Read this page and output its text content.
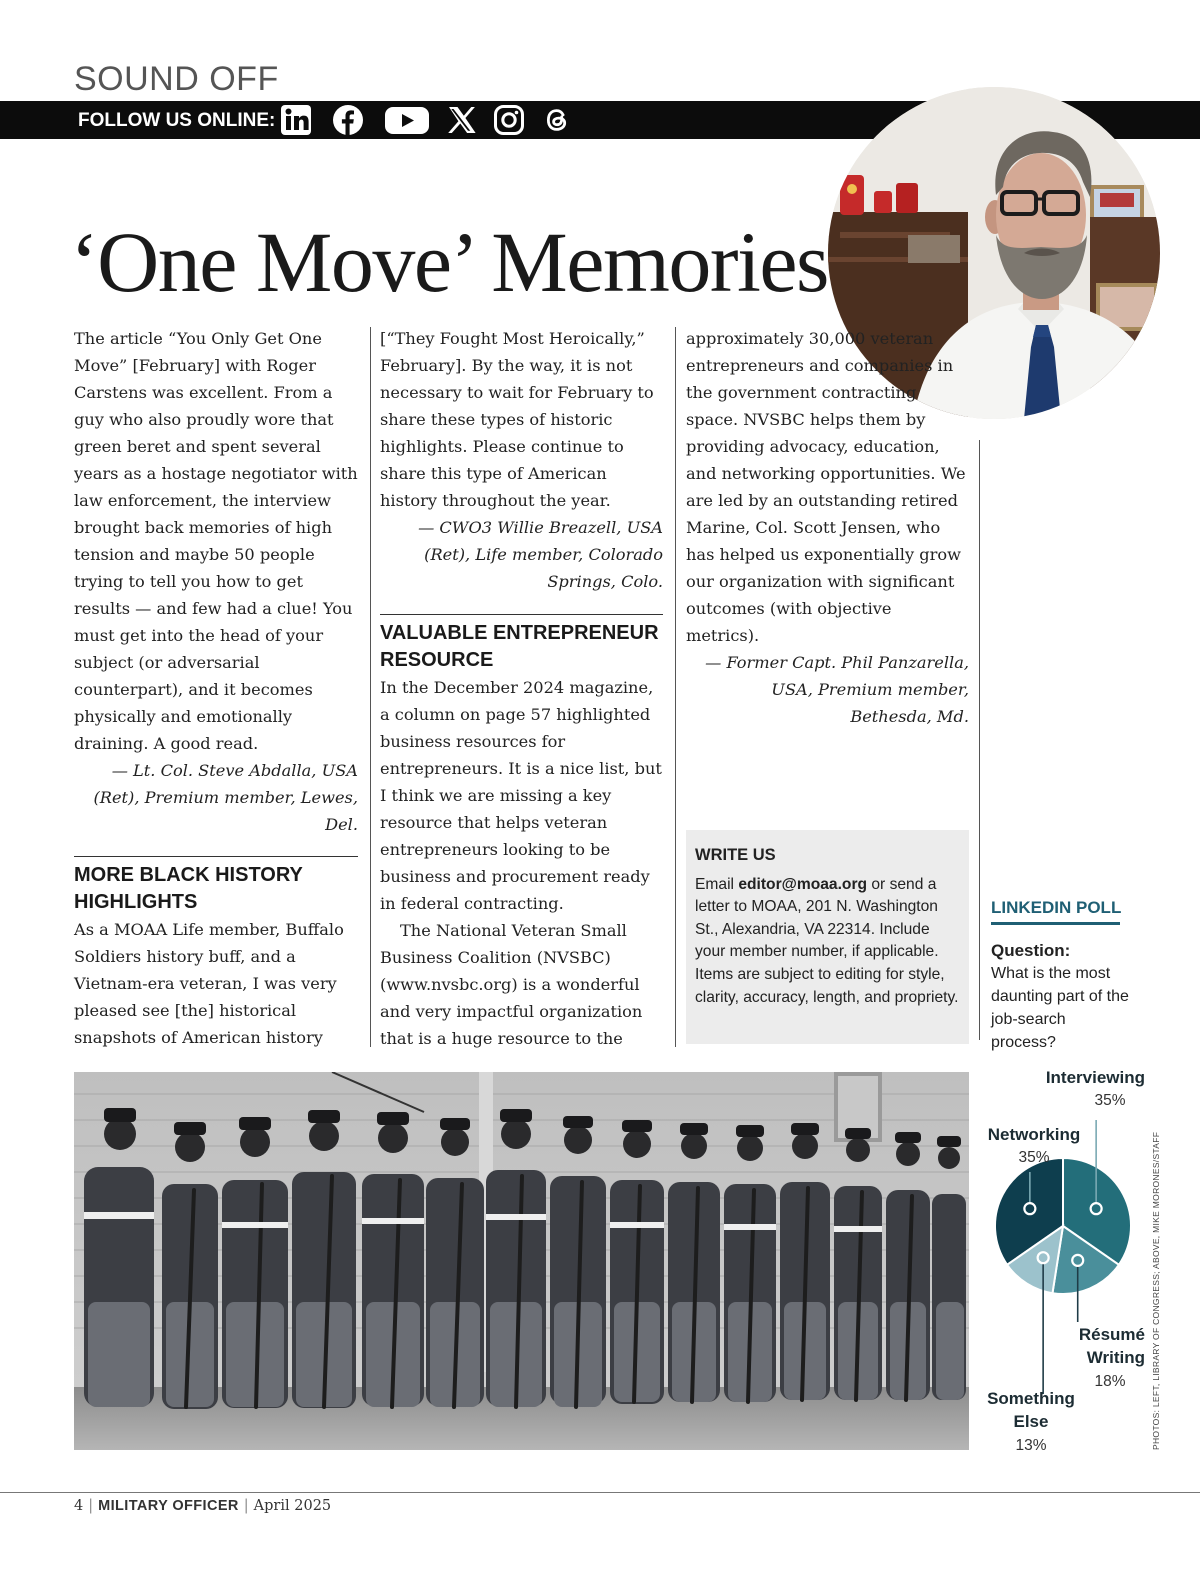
SOUND OFF
FOLLOW US ONLINE:
‘One Move’ Memories

The article “You Only Get One Move” [February] with Roger Carstens was excellent. From a guy who also proudly wore that green beret and spent several years as a hostage negotiator with law enforcement, the interview brought back memories of high tension and maybe 50 people trying to tell you how to get results — and few had a clue! You must get into the head of your subject (or adversarial counterpart), and it becomes physically and emotionally draining. A good read.

— Lt. Col. Steve Abdalla, USA (Ret), Premium member, Lewes, Del.

MORE BLACK HISTORY HIGHLIGHTS

As a MOAA Life member, Buffalo Soldiers history buff, and a Vietnam-era veteran, I was very pleased see [the] historical snapshots of American history

[“They Fought Most Heroically,” February]. By the way, it is not necessary to wait for February to share these types of historic highlights. Please continue to share this type of American history throughout the year.

— CWO3 Willie Breazell, USA (Ret), Life member, Colorado Springs, Colo.

VALUABLE ENTREPRENEUR RESOURCE

In the December 2024 magazine, a column on page 57 highlighted business resources for entrepreneurs. It is a nice list, but I think we are missing a key resource that helps veteran entrepreneurs looking to be business and procurement ready in federal contracting.

The National Veteran Small Business Coalition (NVSBC) (www.nvsbc.org) is a wonderful and very impactful organization that is a huge resource to the

approximately 30,000 veteran entrepreneurs and companies in the government contracting space. NVSBC helps them by providing advocacy, education, and networking opportunities. We are led by an outstanding retired Marine, Col. Scott Jensen, who has helped us exponentially grow our organization with significant outcomes (with objective metrics).

— Former Capt. Phil Panzarella, USA, Premium member, Bethesda, Md.

WRITE US
Email editor@moaa.org or send a letter to MOAA, 201 N. Washington St., Alexandria, VA 22314. Include your member number, if applicable. Items are subject to editing for style, clarity, accuracy, length, and propriety.
LINKEDIN POLL
Question:
What is the most daunting part of the job-search process?
Interviewing
35%
Networking
35%
Résumé
Writing
18%
Something
Else
13%	PHOTOS: LEFT, LIBRARY OF CONGRESS; ABOVE, MIKE MORONES/STAFF
4 | MILITARY OFFICER | April 2025
